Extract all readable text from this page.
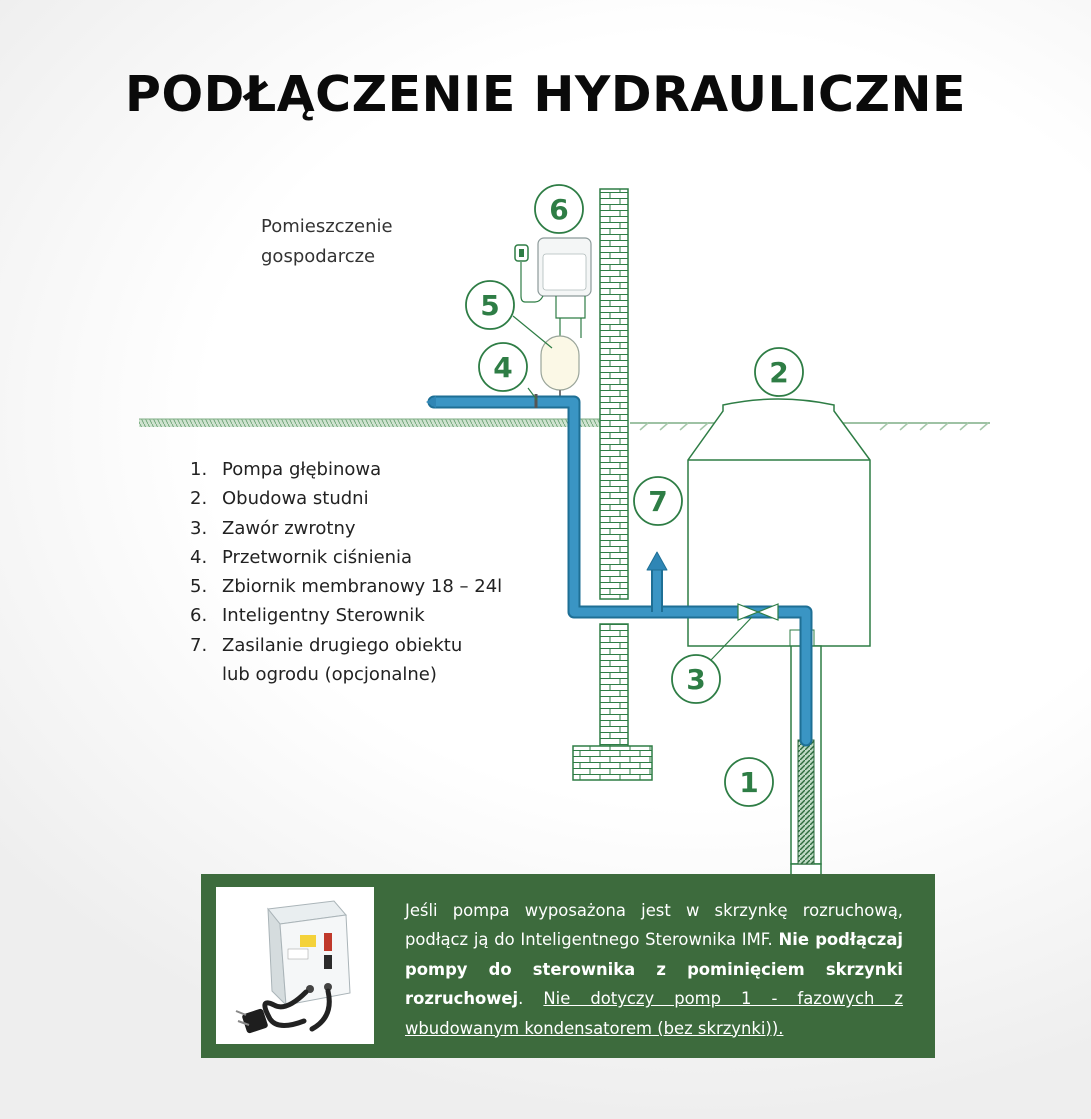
PODŁĄCZENIE HYDRAULICZNE
Pomieszczenie
gospodarcze
1
2
3
4
5
6
7
1. Pompa głębinowa
2. Obudowa studni
3. Zawór zwrotny
4. Przetwornik ciśnienia
5. Zbiornik membranowy 18 – 24l
6. Inteligentny Sterownik
7. Zasilanie drugiego obiektu
lub ogrodu (opcjonalne)
Jeśli pompa wyposażona jest w skrzynkę rozruchową, podłącz ją do Inteligentnego Sterownika IMF. Nie podłączaj pompy do sterownika z pominięciem skrzynki rozruchowej. Nie dotyczy pomp 1 - fazowych z wbudowanym kondensatorem (bez skrzynki)).
